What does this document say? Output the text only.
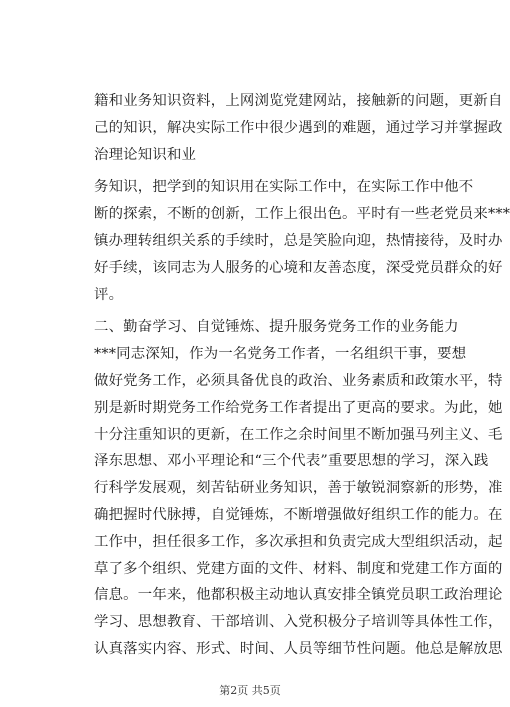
籍和业务知识资料，上网浏览党建网站，接触新的问题，更新自
己的知识，解决实际工作中很少遇到的难题，通过学习并掌握政
治理论知识和业
务知识，把学到的知识用在实际工作中，在实际工作中他不
断的探索，不断的创新，工作上很出色。平时有一些老党员来***
镇办理转组织关系的手续时，总是笑脸向迎，热情接待，及时办
好手续，该同志为人服务的心境和友善态度，深受党员群众的好
评。
二、勤奋学习、自觉锤炼、提升服务党务工作的业务能力
***同志深知，作为一名党务工作者，一名组织干事，要想
做好党务工作，必须具备优良的政治、业务素质和政策水平，特
别是新时期党务工作给党务工作者提出了更高的要求。为此，她
十分注重知识的更新，在工作之余时间里不断加强马列主义、毛
泽东思想、邓小平理论和“三个代表”重要思想的学习，深入践
行科学发展观，刻苦钻研业务知识，善于敏锐洞察新的形势，准
确把握时代脉搏，自觉锤炼，不断增强做好组织工作的能力。在
工作中，担任很多工作，多次承担和负责完成大型组织活动，起
草了多个组织、党建方面的文件、材料、制度和党建工作方面的
信息。一年来，他都积极主动地认真安排全镇党员职工政治理论
学习、思想教育、干部培训、入党积极分子培训等具体性工作，
认真落实内容、形式、时间、人员等细节性问题。他总是解放思
第2页 共5页
